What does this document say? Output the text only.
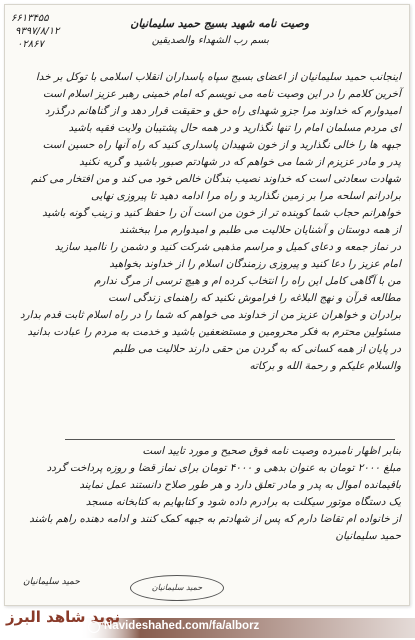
۶۶۱۳۴۵۵
۹۳۹۷/۸/۱۲
۰۲۸۶۷
وصیت نامه شهید بسیج حمید سلیمانیان
بسم رب الشهداء والصدیقین
اینجانب حمید سلیمانیان از اعضای بسیج سپاه پاسداران انقلاب اسلامی با توکل بر خدا
آخرین کلامم را در این وصیت نامه می نویسم که امام خمینی رهبر عزیز اسلام است
امیدوارم که خداوند مرا جزو شهدای راه حق و حقیقت قرار دهد و از گناهانم درگذرد
ای مردم مسلمان امام را تنها نگذارید و در همه حال پشتیبان ولایت فقیه باشید
جبهه ها را خالی نگذارید و از خون شهیدان پاسداری کنید که راه آنها راه حسین است
پدر و مادر عزیزم از شما می خواهم که در شهادتم صبور باشید و گریه نکنید
شهادت سعادتی است که خداوند نصیب بندگان خالص خود می کند و من افتخار می کنم
برادرانم اسلحه مرا بر زمین نگذارید و راه مرا ادامه دهید تا پیروزی نهایی
خواهرانم حجاب شما کوبنده تر از خون من است آن را حفظ کنید و زینب گونه باشید
از همه دوستان و آشنایان حلالیت می طلبم و امیدوارم مرا ببخشند
در نماز جمعه و دعای کمیل و مراسم مذهبی شرکت کنید و دشمن را ناامید سازید
امام عزیز را دعا کنید و پیروزی رزمندگان اسلام را از خداوند بخواهید
من با آگاهی کامل این راه را انتخاب کرده ام و هیچ ترسی از مرگ ندارم
مطالعه قرآن و نهج البلاغه را فراموش نکنید که راهنمای زندگی است
برادران و خواهران عزیز من از خداوند می خواهم که شما را در راه اسلام ثابت قدم بدارد
مسئولین محترم به فکر محرومین و مستضعفین باشید و خدمت به مردم را عبادت بدانید
در پایان از همه کسانی که به گردن من حقی دارند حلالیت می طلبم
والسلام علیکم و رحمة الله و برکاته
بنابر اظهار نامبرده وصیت نامه فوق صحیح و مورد تایید است
مبلغ ۲۰۰۰ تومان به عنوان بدهی و ۴۰۰۰ تومان برای نماز قضا و روزه پرداخت گردد
باقیمانده اموال به پدر و مادر تعلق دارد و هر طور صلاح دانستند عمل نمایند
یک دستگاه موتور سیکلت به برادرم داده شود و کتابهایم به کتابخانه مسجد
از خانواده ام تقاضا دارم که پس از شهادتم به جبهه کمک کنند و ادامه دهنده راهم باشند
حمید سلیمانیان
حمید سلیمانیان
حمید سلیمانیان
نوید شاهد البرز
Navideshahed.com/fa/alborz
